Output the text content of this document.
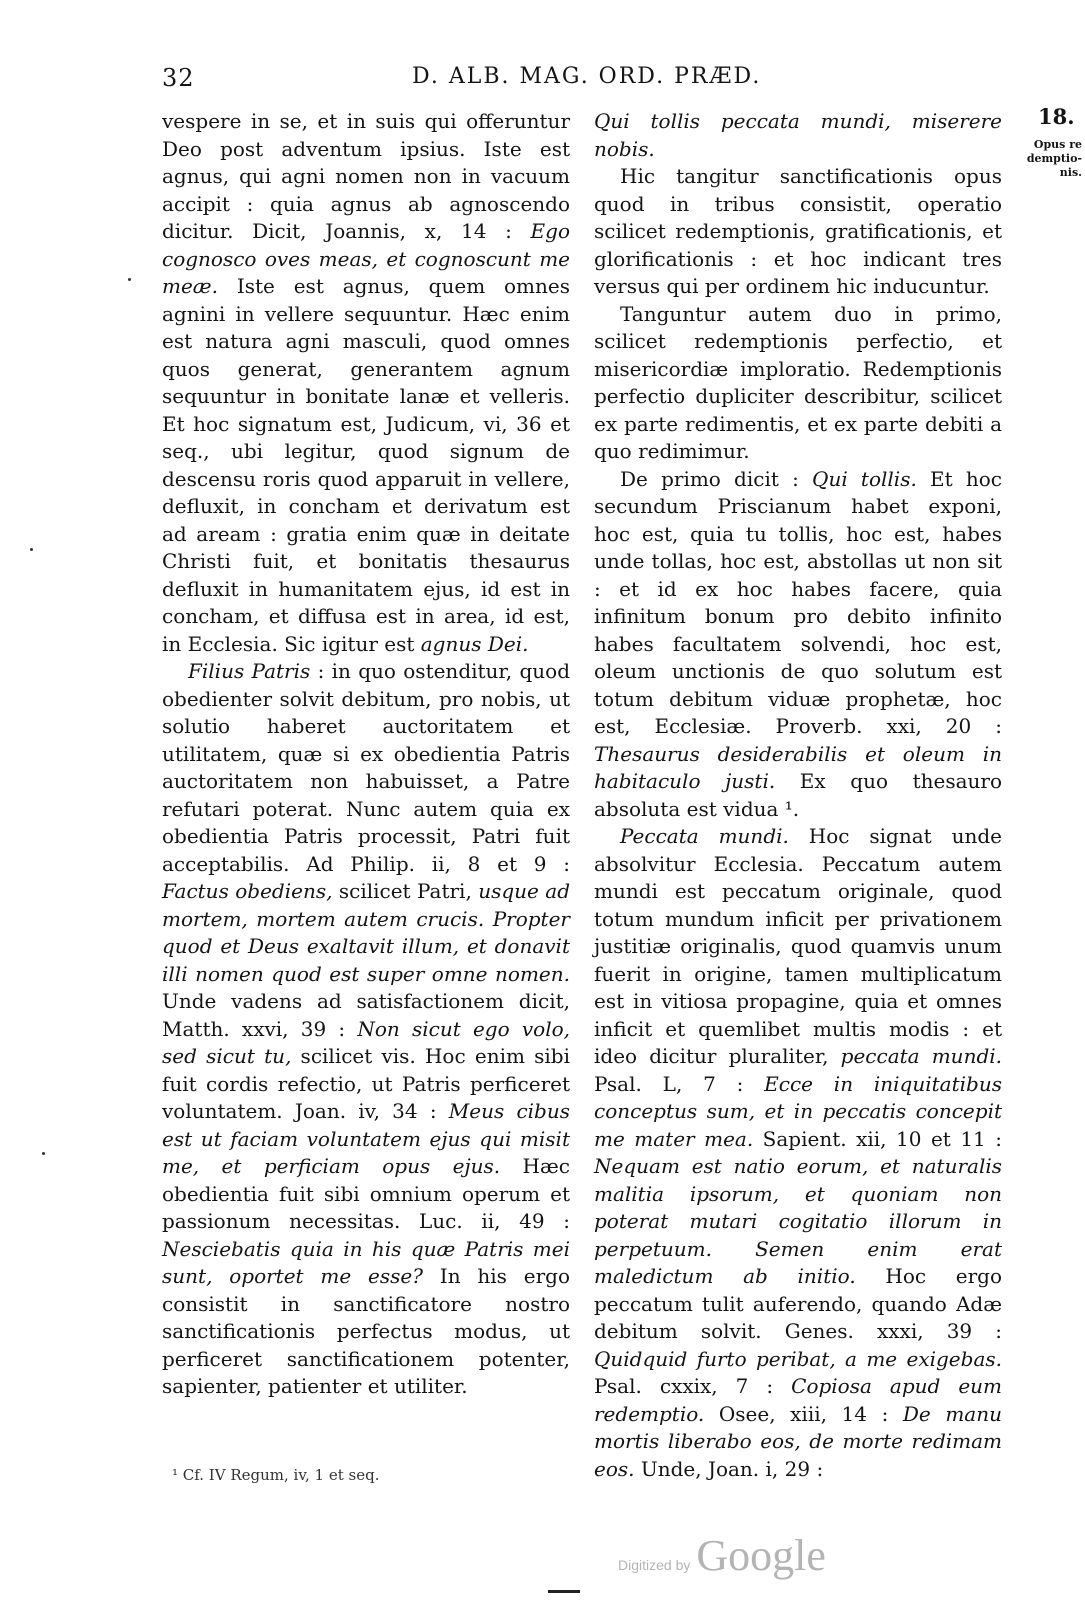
32	D. ALB. MAG. ORD. PRÆD.

vespere in se, et in suis qui offeruntur Deo post adventum ipsius. Iste est agnus, qui agni nomen non in vacuum accipit : quia agnus ab agnoscendo dicitur. Dicit, Joannis, x, 14 : Ego cognosco oves meas, et cognoscunt me meæ. Iste est agnus, quem omnes agnini in vellere sequuntur. Hæc enim est natura agni masculi, quod omnes quos generat, generantem agnum sequuntur in bonitate lanæ et velleris. Et hoc signatum est, Judicum, vi, 36 et seq., ubi legitur, quod signum de descensu roris quod apparuit in vellere, defluxit, in concham et derivatum est ad aream : gratia enim quæ in deitate Christi fuit, et bonitatis thesaurus defluxit in humanitatem ejus, id est in concham, et diffusa est in area, id est, in Ecclesia. Sic igitur est agnus Dei.

Filius Patris : in quo ostenditur, quod obedienter solvit debitum, pro nobis, ut solutio haberet auctoritatem et utilitatem, quæ si ex obedientia Patris auctoritatem non habuisset, a Patre refutari poterat. Nunc autem quia ex obedientia Patris processit, Patri fuit acceptabilis. Ad Philip. ii, 8 et 9 : Factus obediens, scilicet Patri, usque ad mortem, mortem autem crucis. Propter quod et Deus exaltavit illum, et donavit illi nomen quod est super omne nomen. Unde vadens ad satisfactionem dicit, Matth. xxvi, 39 : Non sicut ego volo, sed sicut tu, scilicet vis. Hoc enim sibi fuit cordis refectio, ut Patris perficeret voluntatem. Joan. iv, 34 : Meus cibus est ut faciam voluntatem ejus qui misit me, et perficiam opus ejus. Hæc obedientia fuit sibi omnium operum et passionum necessitas. Luc. ii, 49 : Nesciebatis quia in his quæ Patris mei sunt, oportet me esse? In his ergo consistit in sanctificatore nostro sanctificationis perfectus modus, ut perficeret sanctificationem potenter, sapienter, patienter et utiliter.

Qui tollis peccata mundi, miserere nobis.

Hic tangitur sanctificationis opus quod in tribus consistit, operatio scilicet redemptionis, gratificationis, et glorificationis : et hoc indicant tres versus qui per ordinem hic inducuntur.

Tanguntur autem duo in primo, scilicet redemptionis perfectio, et misericordiæ imploratio. Redemptionis perfectio dupliciter describitur, scilicet ex parte redimentis, et ex parte debiti a quo redimimur.

De primo dicit : Qui tollis. Et hoc secundum Priscianum habet exponi, hoc est, quia tu tollis, hoc est, habes unde tollas, hoc est, abstollas ut non sit : et id ex hoc habes facere, quia infinitum bonum pro debito infinito habes facultatem solvendi, hoc est, oleum unctionis de quo solutum est totum debitum viduæ prophetæ, hoc est, Ecclesiæ. Proverb. xxi, 20 : Thesaurus desiderabilis et oleum in habitaculo justi. Ex quo thesauro absoluta est vidua ¹.

Peccata mundi. Hoc signat unde absolvitur Ecclesia. Peccatum autem mundi est peccatum originale, quod totum mundum inficit per privationem justitiæ originalis, quod quamvis unum fuerit in origine, tamen multiplicatum est in vitiosa propagine, quia et omnes inficit et quemlibet multis modis : et ideo dicitur pluraliter, peccata mundi. Psal. L, 7 : Ecce in iniquitatibus conceptus sum, et in peccatis concepit me mater mea. Sapient. xii, 10 et 11 : Nequam est natio eorum, et naturalis malitia ipsorum, et quoniam non poterat mutari cogitatio illorum in perpetuum. Semen enim erat maledictum ab initio. Hoc ergo peccatum tulit auferendo, quando Adæ debitum solvit. Genes. xxxi, 39 : Quidquid furto peribat, a me exigebas. Psal. cxxix, 7 : Copiosa apud eum redemptio. Osee, xiii, 14 : De manu mortis liberabo eos, de morte redimam eos. Unde, Joan. i, 29 :

18.
Opus re
demptio-
nis.
¹ Cf. IV Regum, iv, 1 et seq.
Digitized by Google
